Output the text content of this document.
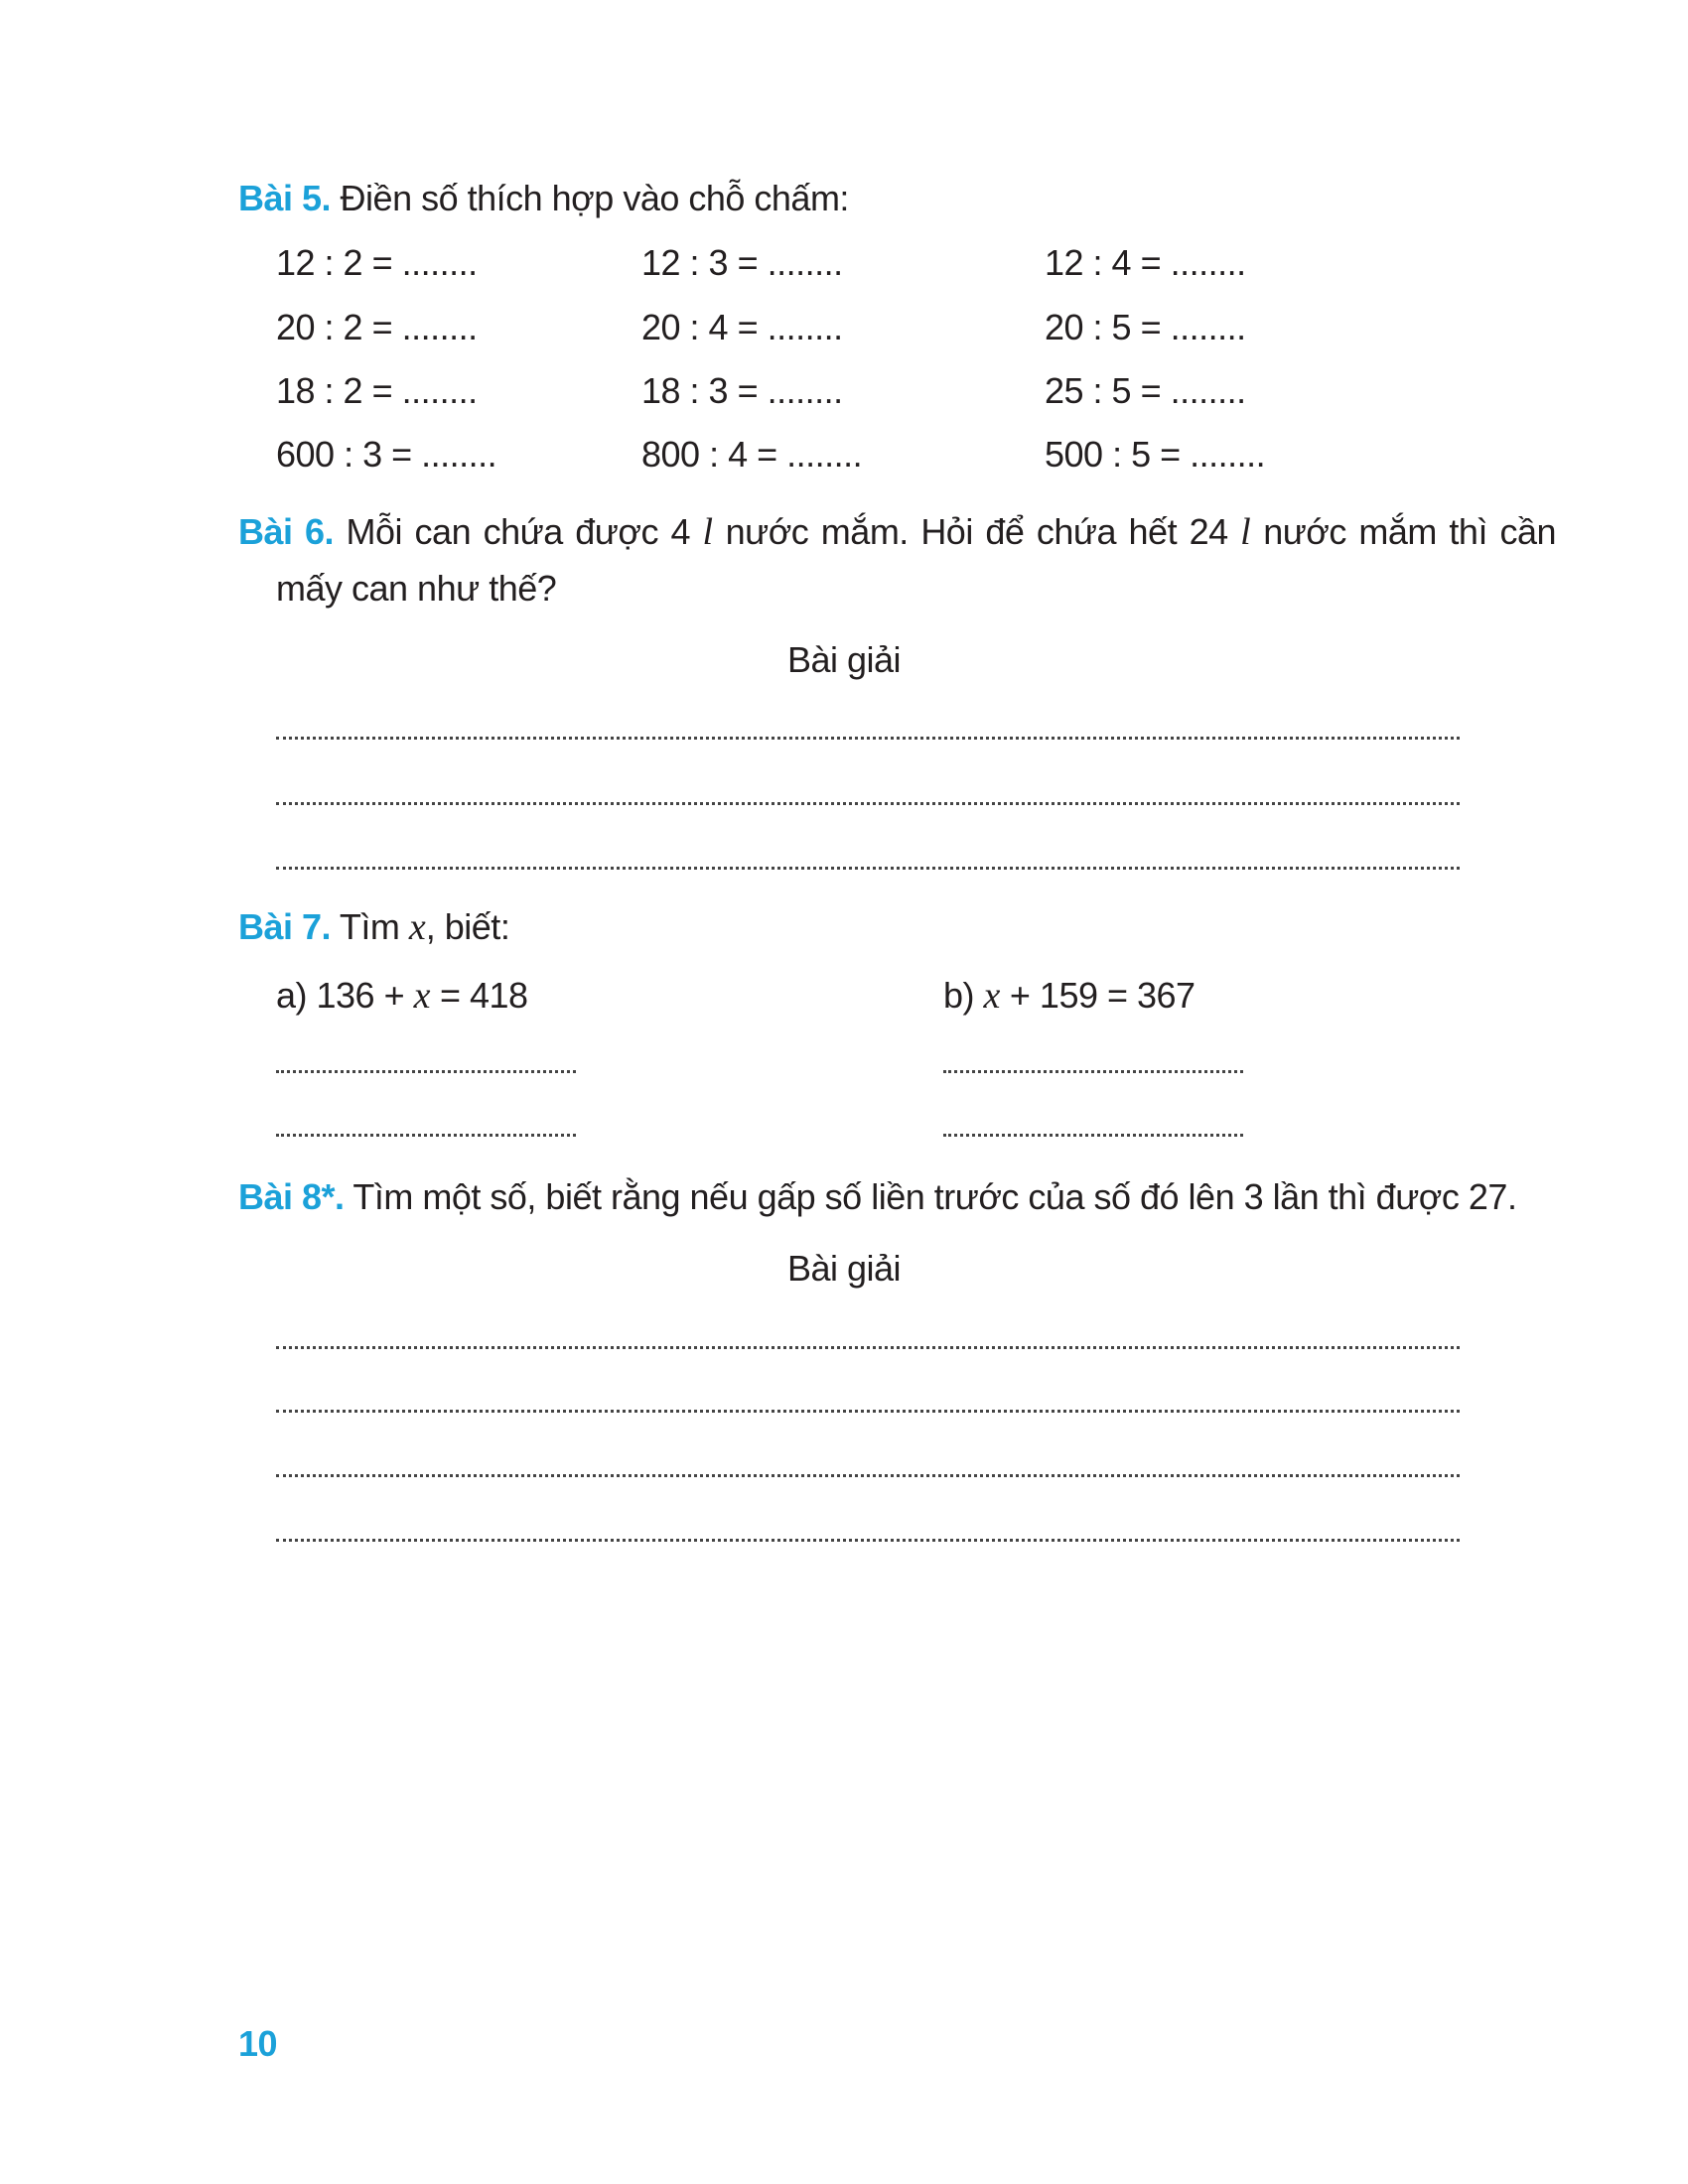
Bài 5. Điền số thích hợp vào chỗ chấm:
12 : 2 = ........	12 : 3 = ........	12 : 4 = ........
20 : 2 = ........	20 : 4 = ........	20 : 5 = ........
18 : 2 = ........	18 : 3 = ........	25 : 5 = ........
600 : 3 = ........	800 : 4 = ........	500 : 5 = ........
Bài 6. Mỗi can chứa được 4 l nước mắm. Hỏi để chứa hết 24 l nước mắm thì cần
mấy can như thế?
Bài giải
Bài 7. Tìm x, biết:
a) 136 + x = 418	b) x + 159 = 367
Bài 8*. Tìm một số, biết rằng nếu gấp số liền trước của số đó lên 3 lần thì được 27.
Bài giải
10
